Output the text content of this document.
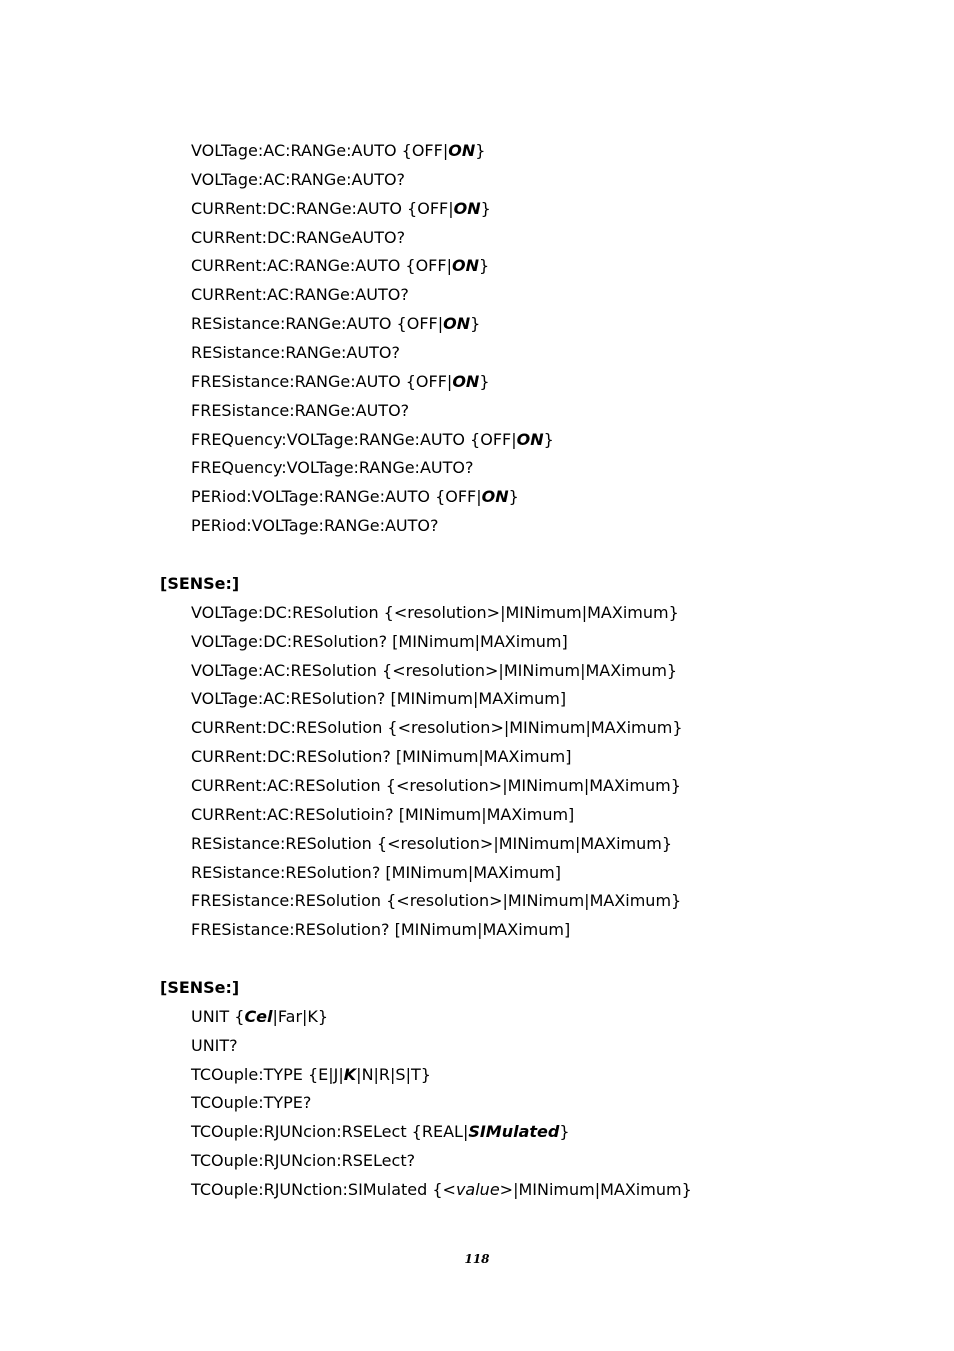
VOLTage:AC:RANGe:AUTO {OFF|ON}
VOLTage:AC:RANGe:AUTO?
CURRent:DC:RANGe:AUTO {OFF|ON}
CURRent:DC:RANGeAUTO?
CURRent:AC:RANGe:AUTO {OFF|ON}
CURRent:AC:RANGe:AUTO?
RESistance:RANGe:AUTO {OFF|ON}
RESistance:RANGe:AUTO?
FRESistance:RANGe:AUTO {OFF|ON}
FRESistance:RANGe:AUTO?
FREQuency:VOLTage:RANGe:AUTO {OFF|ON}
FREQuency:VOLTage:RANGe:AUTO?
PERiod:VOLTage:RANGe:AUTO {OFF|ON}
PERiod:VOLTage:RANGe:AUTO?
[SENSe:]
VOLTage:DC:RESolution {<resolution>|MINimum|MAXimum}
VOLTage:DC:RESolution? [MINimum|MAXimum]
VOLTage:AC:RESolution {<resolution>|MINimum|MAXimum}
VOLTage:AC:RESolution? [MINimum|MAXimum]
CURRent:DC:RESolution {<resolution>|MINimum|MAXimum}
CURRent:DC:RESolution? [MINimum|MAXimum]
CURRent:AC:RESolution {<resolution>|MINimum|MAXimum}
CURRent:AC:RESolutioin? [MINimum|MAXimum]
RESistance:RESolution {<resolution>|MINimum|MAXimum}
RESistance:RESolution? [MINimum|MAXimum]
FRESistance:RESolution {<resolution>|MINimum|MAXimum}
FRESistance:RESolution? [MINimum|MAXimum]
[SENSe:]
UNIT {Cel|Far|K}
UNIT?
TCOuple:TYPE {E|J|K|N|R|S|T}
TCOuple:TYPE?
TCOuple:RJUNcion:RSELect {REAL|SIMulated}
TCOuple:RJUNcion:RSELect?
TCOuple:RJUNction:SIMulated {<value>|MINimum|MAXimum}
118
